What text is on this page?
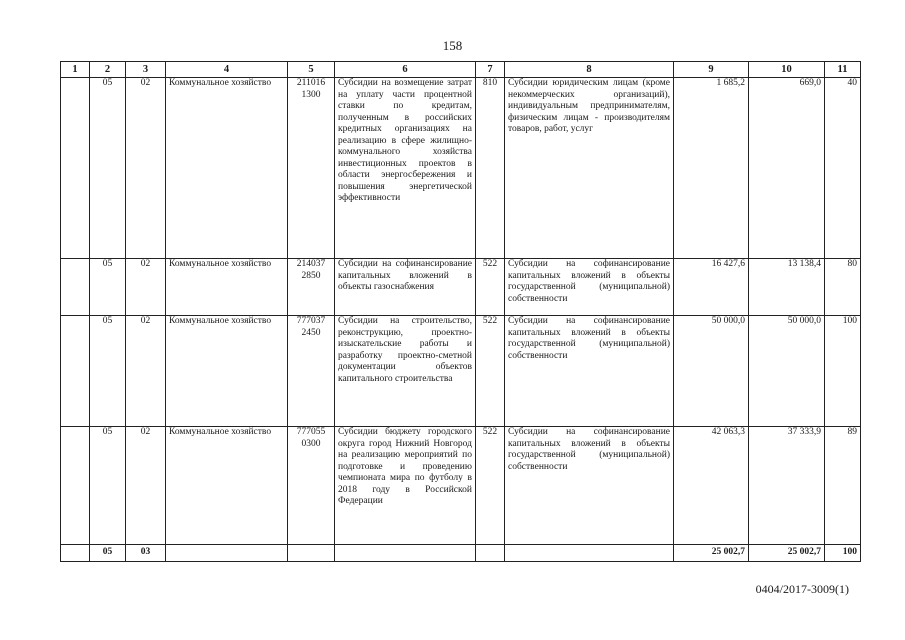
158
1	2	3	4	5	6	7	8	9	10	11
	05	02	Коммунальное хозяйство	211016 1300	Субсидии на возмещение затрат на уплату части процентной ставки по кредитам, полученным в российских кредитных организациях на реализацию в сфере жилищно-коммунального хозяйства инвестиционных проектов в области энергосбережения и повышения энергетической эффективности	810	Субсидии юридическим лицам (кроме некоммерческих организаций), индивидуальным предпринимателям, физическим лицам - производителям товаров, работ, услуг	1 685,2	669,0	40
	05	02	Коммунальное хозяйство	214037 2850	Субсидии на софинансирование капитальных вложений в объекты газоснабжения	522	Субсидии на софинансирование капитальных вложений в объекты государственной (муниципальной) собственности	16 427,6	13 138,4	80
	05	02	Коммунальное хозяйство	777037 2450	Субсидии на строительство, реконструкцию, проектно-изыскательские работы и разработку проектно-сметной документации объектов капитального строительства	522	Субсидии на софинансирование капитальных вложений в объекты государственной (муниципальной) собственности	50 000,0	50 000,0	100
	05	02	Коммунальное хозяйство	777055 0300	Субсидии бюджету городского округа город Нижний Новгород на реализацию мероприятий по подготовке и проведению чемпионата мира по футболу в 2018 году в Российской Федерации	522	Субсидии на софинансирование капитальных вложений в объекты государственной (муниципальной) собственности	42 063,3	37 333,9	89
	05	03						25 002,7	25 002,7	100
0404/2017-3009(1)
